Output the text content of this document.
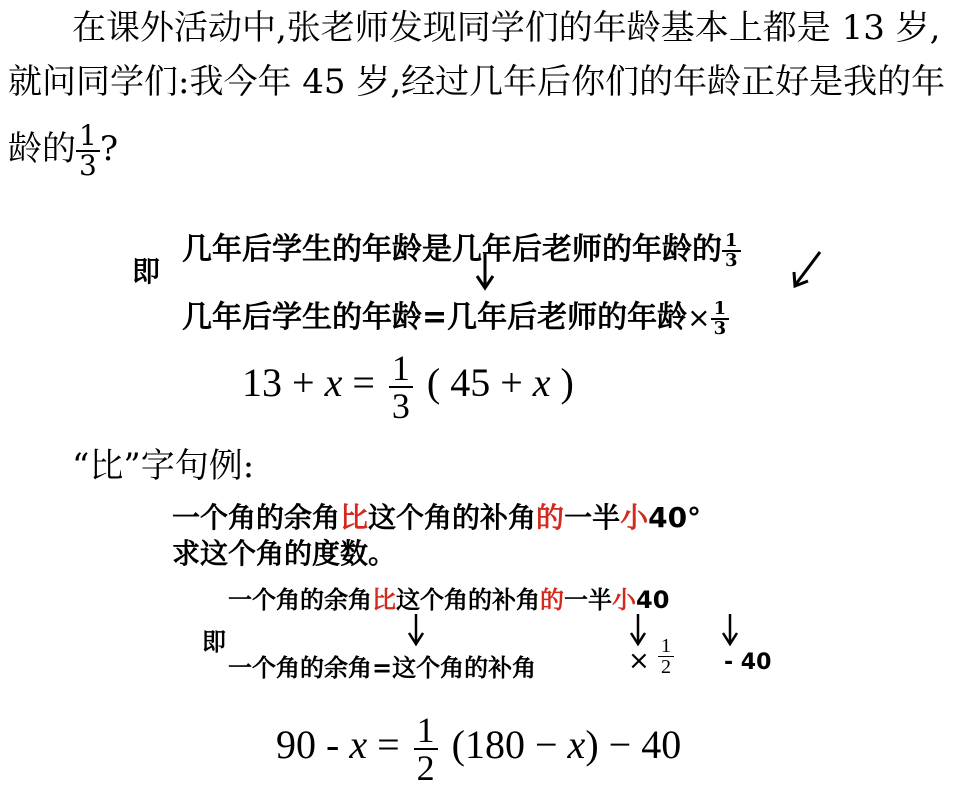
在课外活动中,张老师发现同学们的年龄基本上都是 13 岁,
就问同学们:我今年 45 岁,经过几年后你们的年龄正好是我的年
龄的 $\frac{1}{3}$ ?
即
几年后学生的年龄是几年后老师的年龄的 $\frac{1}{3}$
几年后学生的年龄=几年后老师的年龄× $\frac{1}{3}$
$13 + x = \frac{1}{3}$ ( 45 + x )
“比”字句例:
一个角的余角比这个角的补角的一半小40°
求这个角的度数。
即
一个角的余角比这个角的补角的一半小40
一个角的余角=这个角的补角	× $\frac{1}{2} - 40$
$90 - x = \frac{1}{2} (180 - x) - 40$
